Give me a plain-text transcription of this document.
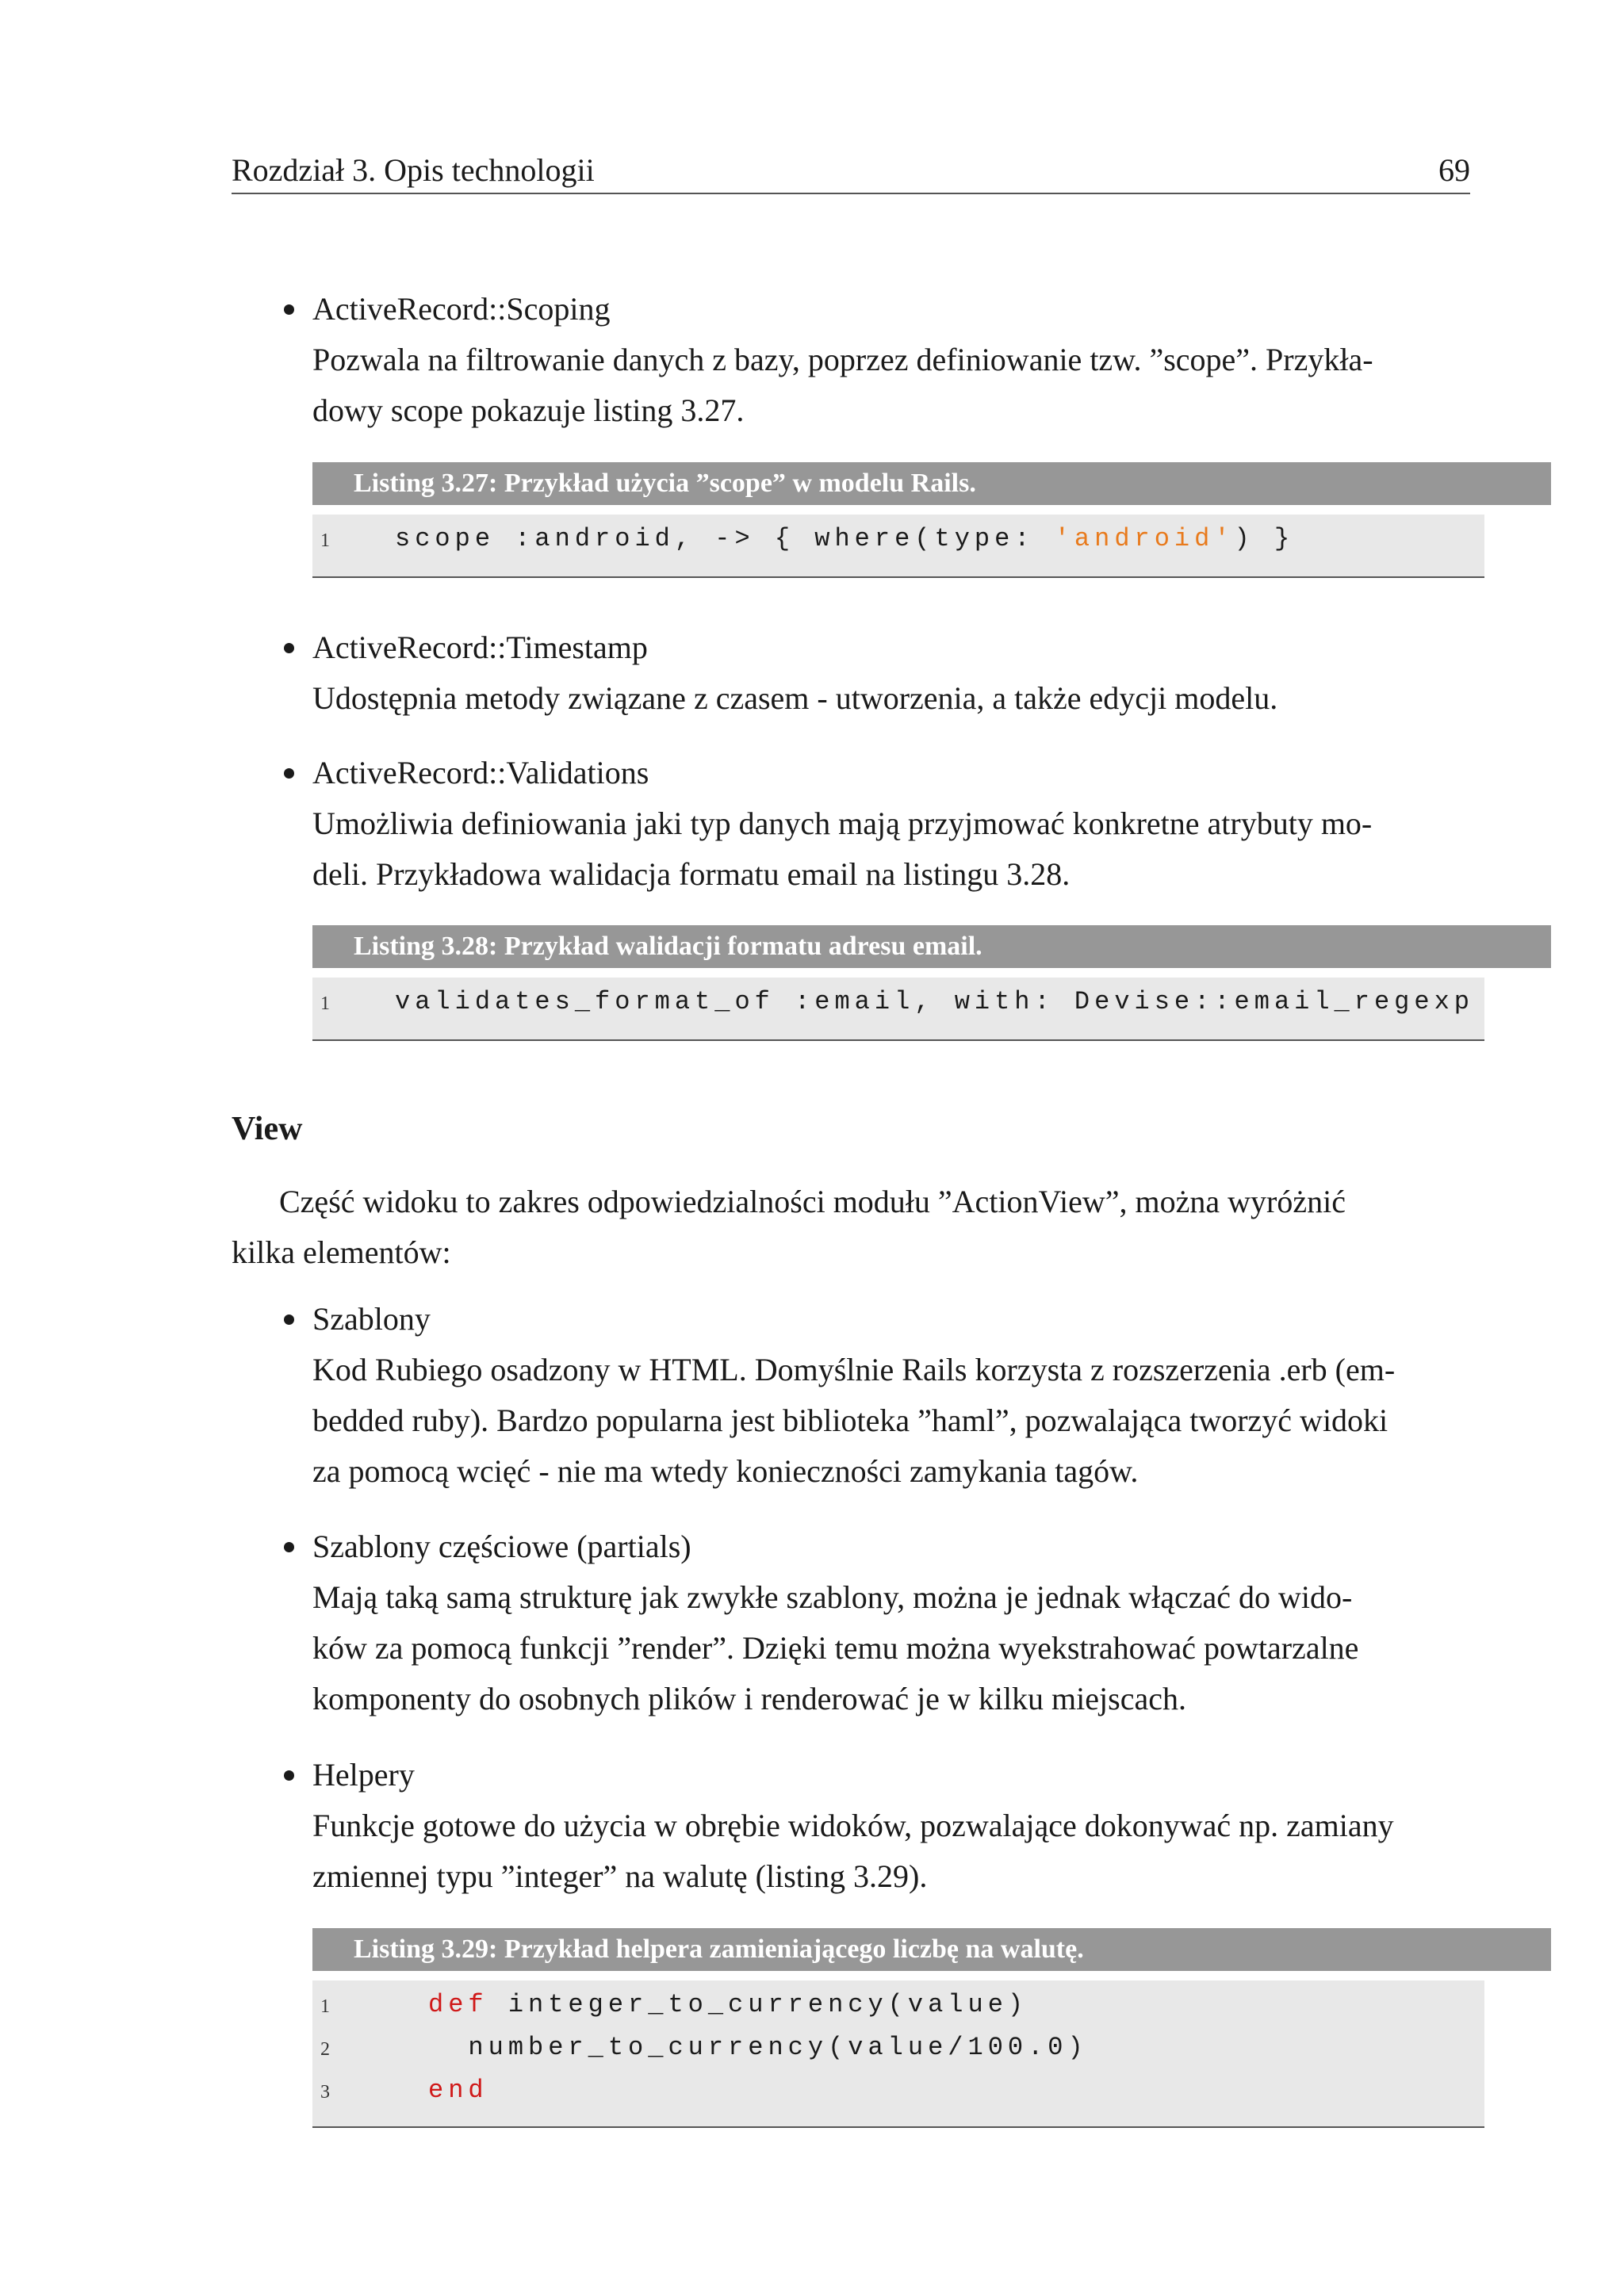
Rozdział 3. Opis technologii	69
ActiveRecord::Scoping
Pozwala na filtrowanie danych z bazy, poprzez definiowanie tzw. ”scope”. Przykła-
dowy scope pokazuje listing 3.27.
Listing 3.27: Przykład użycia ”scope” w modelu Rails.
1	scope :android, -> { where(type: 'android') }
ActiveRecord::Timestamp
Udostępnia metody związane z czasem - utworzenia, a także edycji modelu.
ActiveRecord::Validations
Umożliwia definiowania jaki typ danych mają przyjmować konkretne atrybuty mo-
deli. Przykładowa walidacja formatu email na listingu 3.28.
Listing 3.28: Przykład walidacji formatu adresu email.
1	validates_format_of :email, with: Devise::email_regexp
View
Część widoku to zakres odpowiedzialności modułu ”ActionView”, można wyróżnić
kilka elementów:
Szablony
Kod Rubiego osadzony w HTML. Domyślnie Rails korzysta z rozszerzenia .erb (em-
bedded ruby). Bardzo popularna jest biblioteka ”haml”, pozwalająca tworzyć widoki
za pomocą wcięć - nie ma wtedy konieczności zamykania tagów.
Szablony częściowe (partials)
Mają taką samą strukturę jak zwykłe szablony, można je jednak włączać do wido-
ków za pomocą funkcji ”render”. Dzięki temu można wyekstrahować powtarzalne
komponenty do osobnych plików i renderować je w kilku miejscach.
Helpery
Funkcje gotowe do użycia w obrębie widoków, pozwalające dokonywać np. zamiany
zmiennej typu ”integer” na walutę (listing 3.29).
Listing 3.29: Przykład helpera zamieniającego liczbę na walutę.
1	def integer_to_currency(value)
2	number_to_currency(value/100.0)
3	end
